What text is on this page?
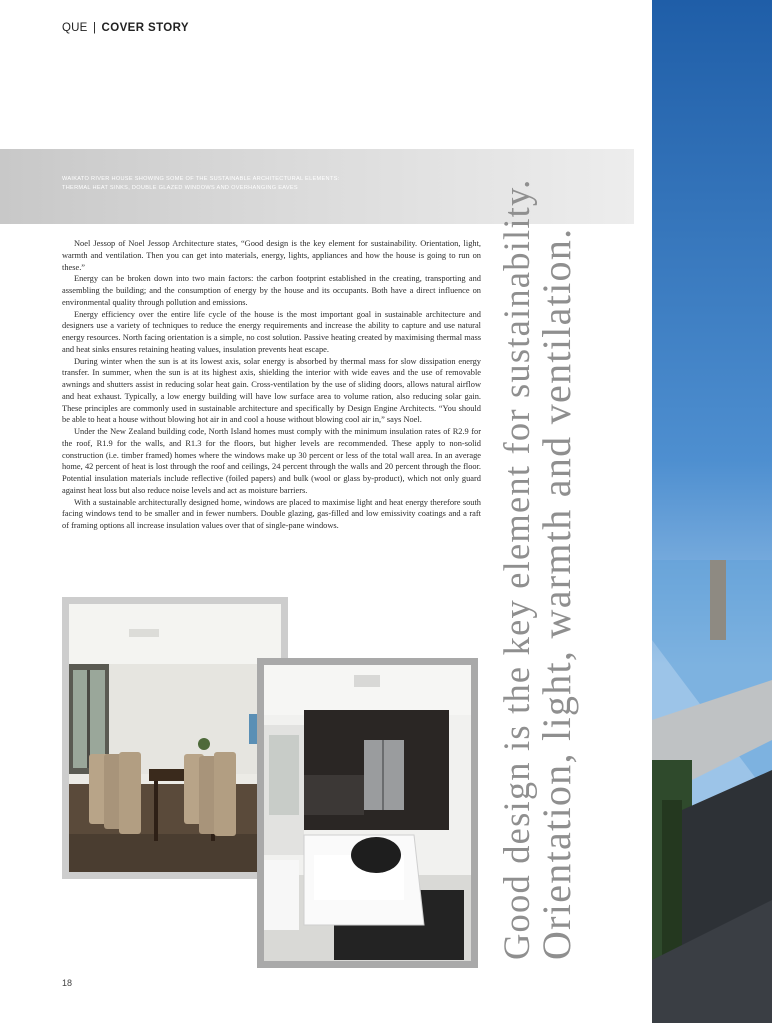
QUE | COVER STORY
WAIKATO RIVER HOUSE SHOWING SOME OF THE SUSTAINABLE ARCHITECTURAL ELEMENTS: THERMAL HEAT SINKS, DOUBLE GLAZED WINDOWS AND OVERHANGING EAVES

Noel Jessop of Noel Jessop Architecture states, “Good design is the key element for sustainability. Orientation, light, warmth and ventilation. Then you can get into materials, energy, lights, appliances and how the house is going to run on these.”

Energy can be broken down into two main factors: the carbon footprint established in the creating, transporting and assembling the building; and the consumption of energy by the house and its occupants. Both have a direct influence on environmental quality through pollution and emissions.

Energy efficiency over the entire life cycle of the house is the most important goal in sustainable architecture and designers use a variety of techniques to reduce the energy requirements and increase the ability to capture and use natural energy resources. North facing orientation is a simple, no cost solution. Passive heating created by maximising thermal mass and heat sinks ensures retaining heating values, insulation prevents heat escape.

During winter when the sun is at its lowest axis, solar energy is absorbed by thermal mass for slow dissipation energy transfer. In summer, when the sun is at its highest axis, shielding the interior with wide eaves and the use of removable awnings and shutters assist in reducing solar heat gain. Cross-ventilation by the use of sliding doors, allows natural airflow and heat exhaust. Typically, a low energy building will have low surface area to volume ration, also reducing solar gain. These principles are commonly used in sustainable architecture and specifically by Design Engine Architects. “You should be able to heat a house without blowing hot air in and cool a house without blowing cool air in,” says Noel.

Under the New Zealand building code, North Island homes must comply with the minimum insulation rates of R2.9 for the roof, R1.9 for the walls, and R1.3 for the floors, but higher levels are recommended. These apply to non-solid construction (i.e. timber framed) homes where the windows make up 30 percent or less of the total wall area. In an average home, 42 percent of heat is lost through the roof and ceilings, 24 percent through the walls and 20 percent through the floor. Potential insulation materials include reflective (foiled papers) and bulk (wool or glass by-product), which not only guard against heat loss but also reduce noise levels and act as moisture barriers.

With a sustainable architecturally designed home, windows are placed to maximise light and heat energy therefore south facing windows tend to be smaller and in fewer numbers. Double glazing, gas-filled and low emissivity coatings and a raft of framing options all increase insulation values over that of single-pane windows.	Good design is the key element for sustainability.
Orientation, light, warmth and ventilation.
18
